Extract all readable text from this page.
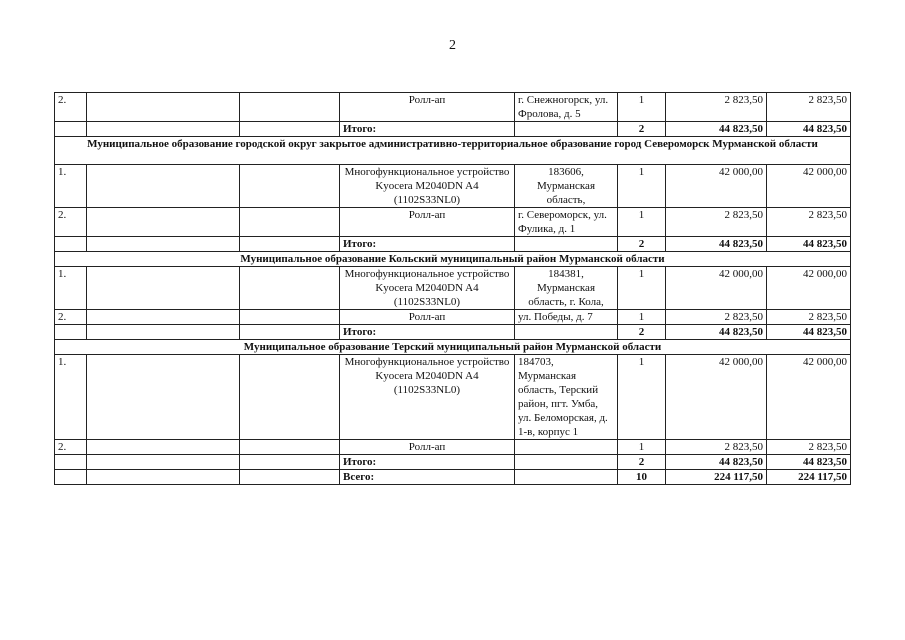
2
2.			Ролл-ап	г. Снежногорск, ул. Фролова, д. 5	1	2 823,50	2 823,50
			Итого:		2	44 823,50	44 823,50
Муниципальное образование городской округ закрытое административно-территориальное образование город Североморск Мурманской области							
1.			Многофункциональное устройство Kyocera M2040DN A4 (1102S33NL0)	183606, Мурманская область,	1	42 000,00	42 000,00
2.			Ролл-ап	г. Североморск, ул. Фулика, д. 1	1	2 823,50	2 823,50
			Итого:		2	44 823,50	44 823,50
Муниципальное образование Кольский муниципальный район Мурманской области							
1.			Многофункциональное устройство Kyocera M2040DN A4 (1102S33NL0)	184381, Мурманская область, г. Кола,	1	42 000,00	42 000,00
2.			Ролл-ап	ул. Победы, д. 7	1	2 823,50	2 823,50
			Итого:		2	44 823,50	44 823,50
Муниципальное образование Терский муниципальный район Мурманской области							
1.			Многофункциональное устройство Kyocera M2040DN A4 (1102S33NL0)	184703, Мурманская область, Терский район, пгт. Умба, ул. Беломорская, д. 1-в, корпус 1	1	42 000,00	42 000,00
2.			Ролл-ап		1	2 823,50	2 823,50
			Итого:		2	44 823,50	44 823,50
			Всего:		10	224 117,50	224 117,50
